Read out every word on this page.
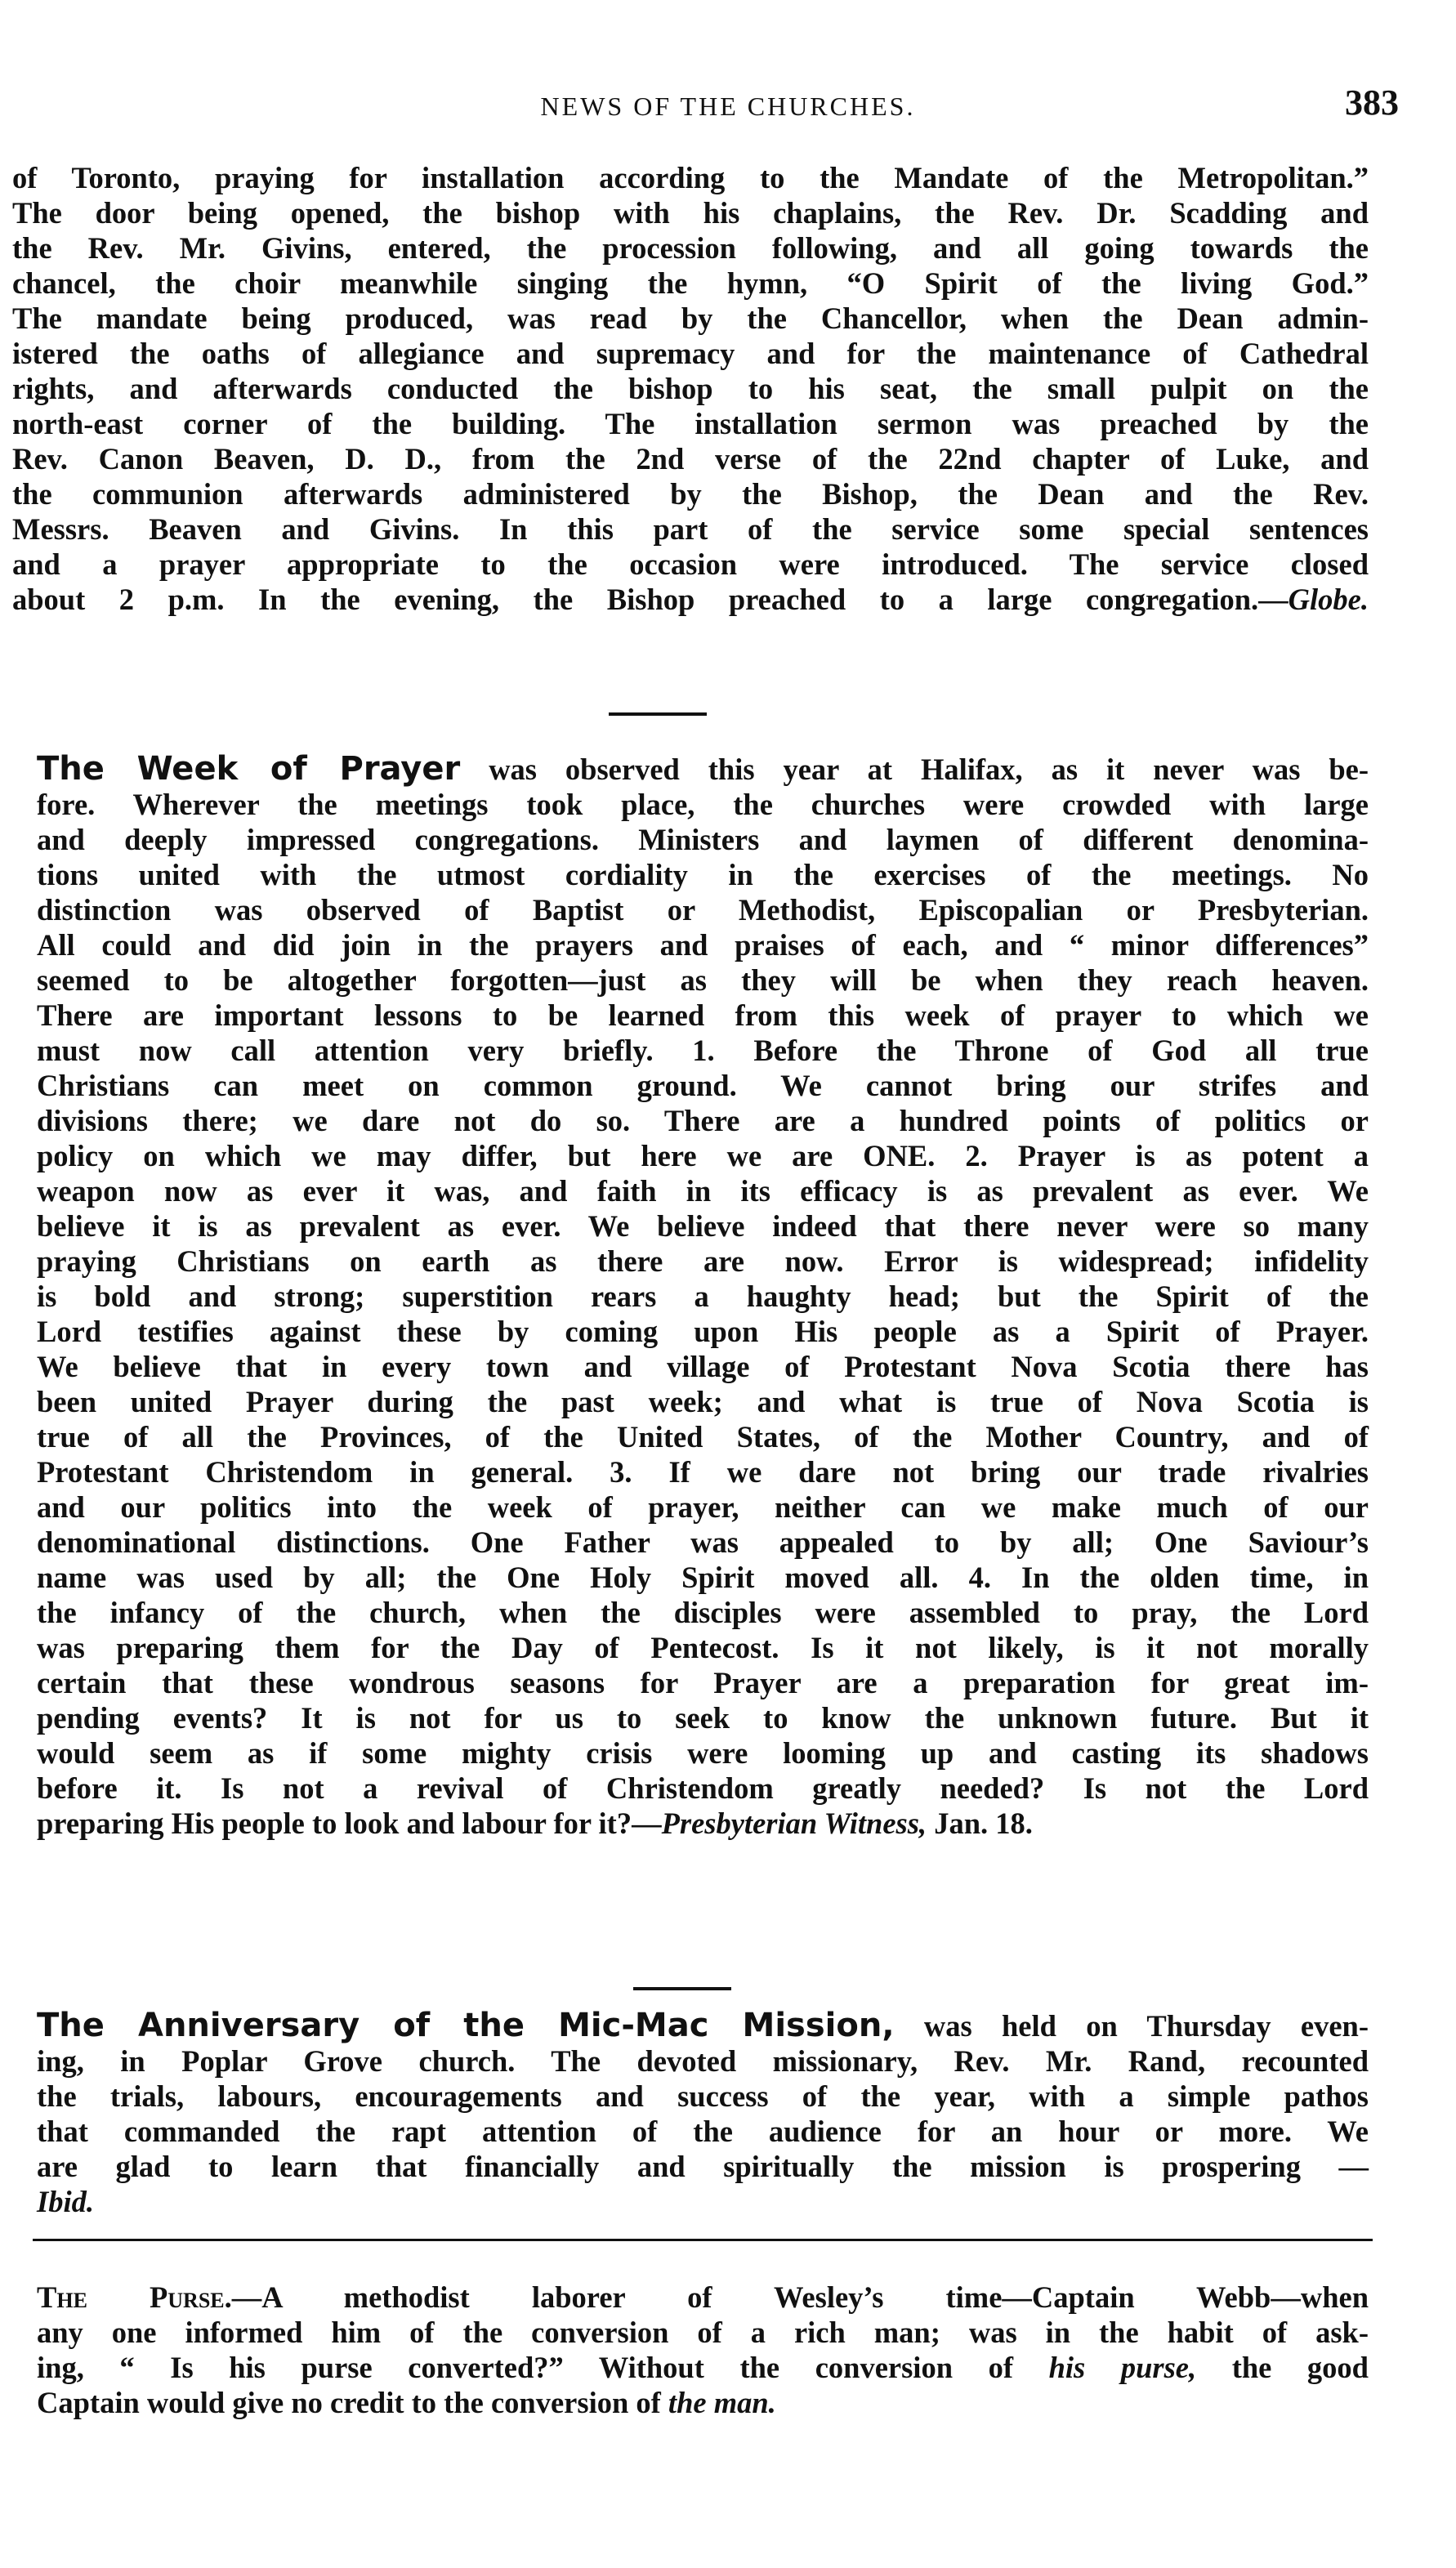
NEWS OF THE CHURCHES.	383
of Toronto, praying for installation according to the Mandate of the Metropolitan.”
The door being opened, the bishop with his chaplains, the Rev. Dr. Scadding and
the Rev. Mr. Givins, entered, the procession following, and all going towards the
chancel, the choir meanwhile singing the hymn, “O Spirit of the living God.”
The mandate being produced, was read by the Chancellor, when the Dean admin-
istered the oaths of allegiance and supremacy and for the maintenance of Cathedral
rights, and afterwards conducted the bishop to his seat, the small pulpit on the
north-east corner of the building. The installation sermon was preached by the
Rev. Canon Beaven, D. D., from the 2nd verse of the 22nd chapter of Luke, and
the communion afterwards administered by the Bishop, the Dean and the Rev.
Messrs. Beaven and Givins. In this part of the service some special sentences
and a prayer appropriate to the occasion were introduced. The service closed
about 2 p.m. In the evening, the Bishop preached to a large congregation.—Globe.
The Week of Prayer was observed this year at Halifax, as it never was be-
fore. Wherever the meetings took place, the churches were crowded with large
and deeply impressed congregations. Ministers and laymen of different denomina-
tions united with the utmost cordiality in the exercises of the meetings. No
distinction was observed of Baptist or Methodist, Episcopalian or Presbyterian.
All could and did join in the prayers and praises of each, and “ minor differences”
seemed to be altogether forgotten—just as they will be when they reach heaven.
There are important lessons to be learned from this week of prayer to which we
must now call attention very briefly. 1. Before the Throne of God all true
Christians can meet on common ground. We cannot bring our strifes and
divisions there; we dare not do so. There are a hundred points of politics or
policy on which we may differ, but here we are ONE. 2. Prayer is as potent a
weapon now as ever it was, and faith in its efficacy is as prevalent as ever. We
believe it is as prevalent as ever. We believe indeed that there never were so many
praying Christians on earth as there are now. Error is widespread; infidelity
is bold and strong; superstition rears a haughty head; but the Spirit of the
Lord testifies against these by coming upon His people as a Spirit of Prayer.
We believe that in every town and village of Protestant Nova Scotia there has
been united Prayer during the past week; and what is true of Nova Scotia is
true of all the Provinces, of the United States, of the Mother Country, and of
Protestant Christendom in general. 3. If we dare not bring our trade rivalries
and our politics into the week of prayer, neither can we make much of our
denominational distinctions. One Father was appealed to by all; One Saviour’s
name was used by all; the One Holy Spirit moved all. 4. In the olden time, in
the infancy of the church, when the disciples were assembled to pray, the Lord
was preparing them for the Day of Pentecost. Is it not likely, is it not morally
certain that these wondrous seasons for Prayer are a preparation for great im-
pending events? It is not for us to seek to know the unknown future. But it
would seem as if some mighty crisis were looming up and casting its shadows
before it. Is not a revival of Christendom greatly needed? Is not the Lord
preparing His people to look and labour for it?—Presbyterian Witness, Jan. 18.
The Anniversary of the Mic-Mac Mission, was held on Thursday even-
ing, in Poplar Grove church. The devoted missionary, Rev. Mr. Rand, recounted
the trials, labours, encouragements and success of the year, with a simple pathos
that commanded the rapt attention of the audience for an hour or more. We
are glad to learn that financially and spiritually the mission is prospering —
Ibid.
The Purse.—A methodist laborer of Wesley’s time—Captain Webb—when
any one informed him of the conversion of a rich man; was in the habit of ask-
ing, “ Is his purse converted?” Without the conversion of his purse, the good
Captain would give no credit to the conversion of the man.
